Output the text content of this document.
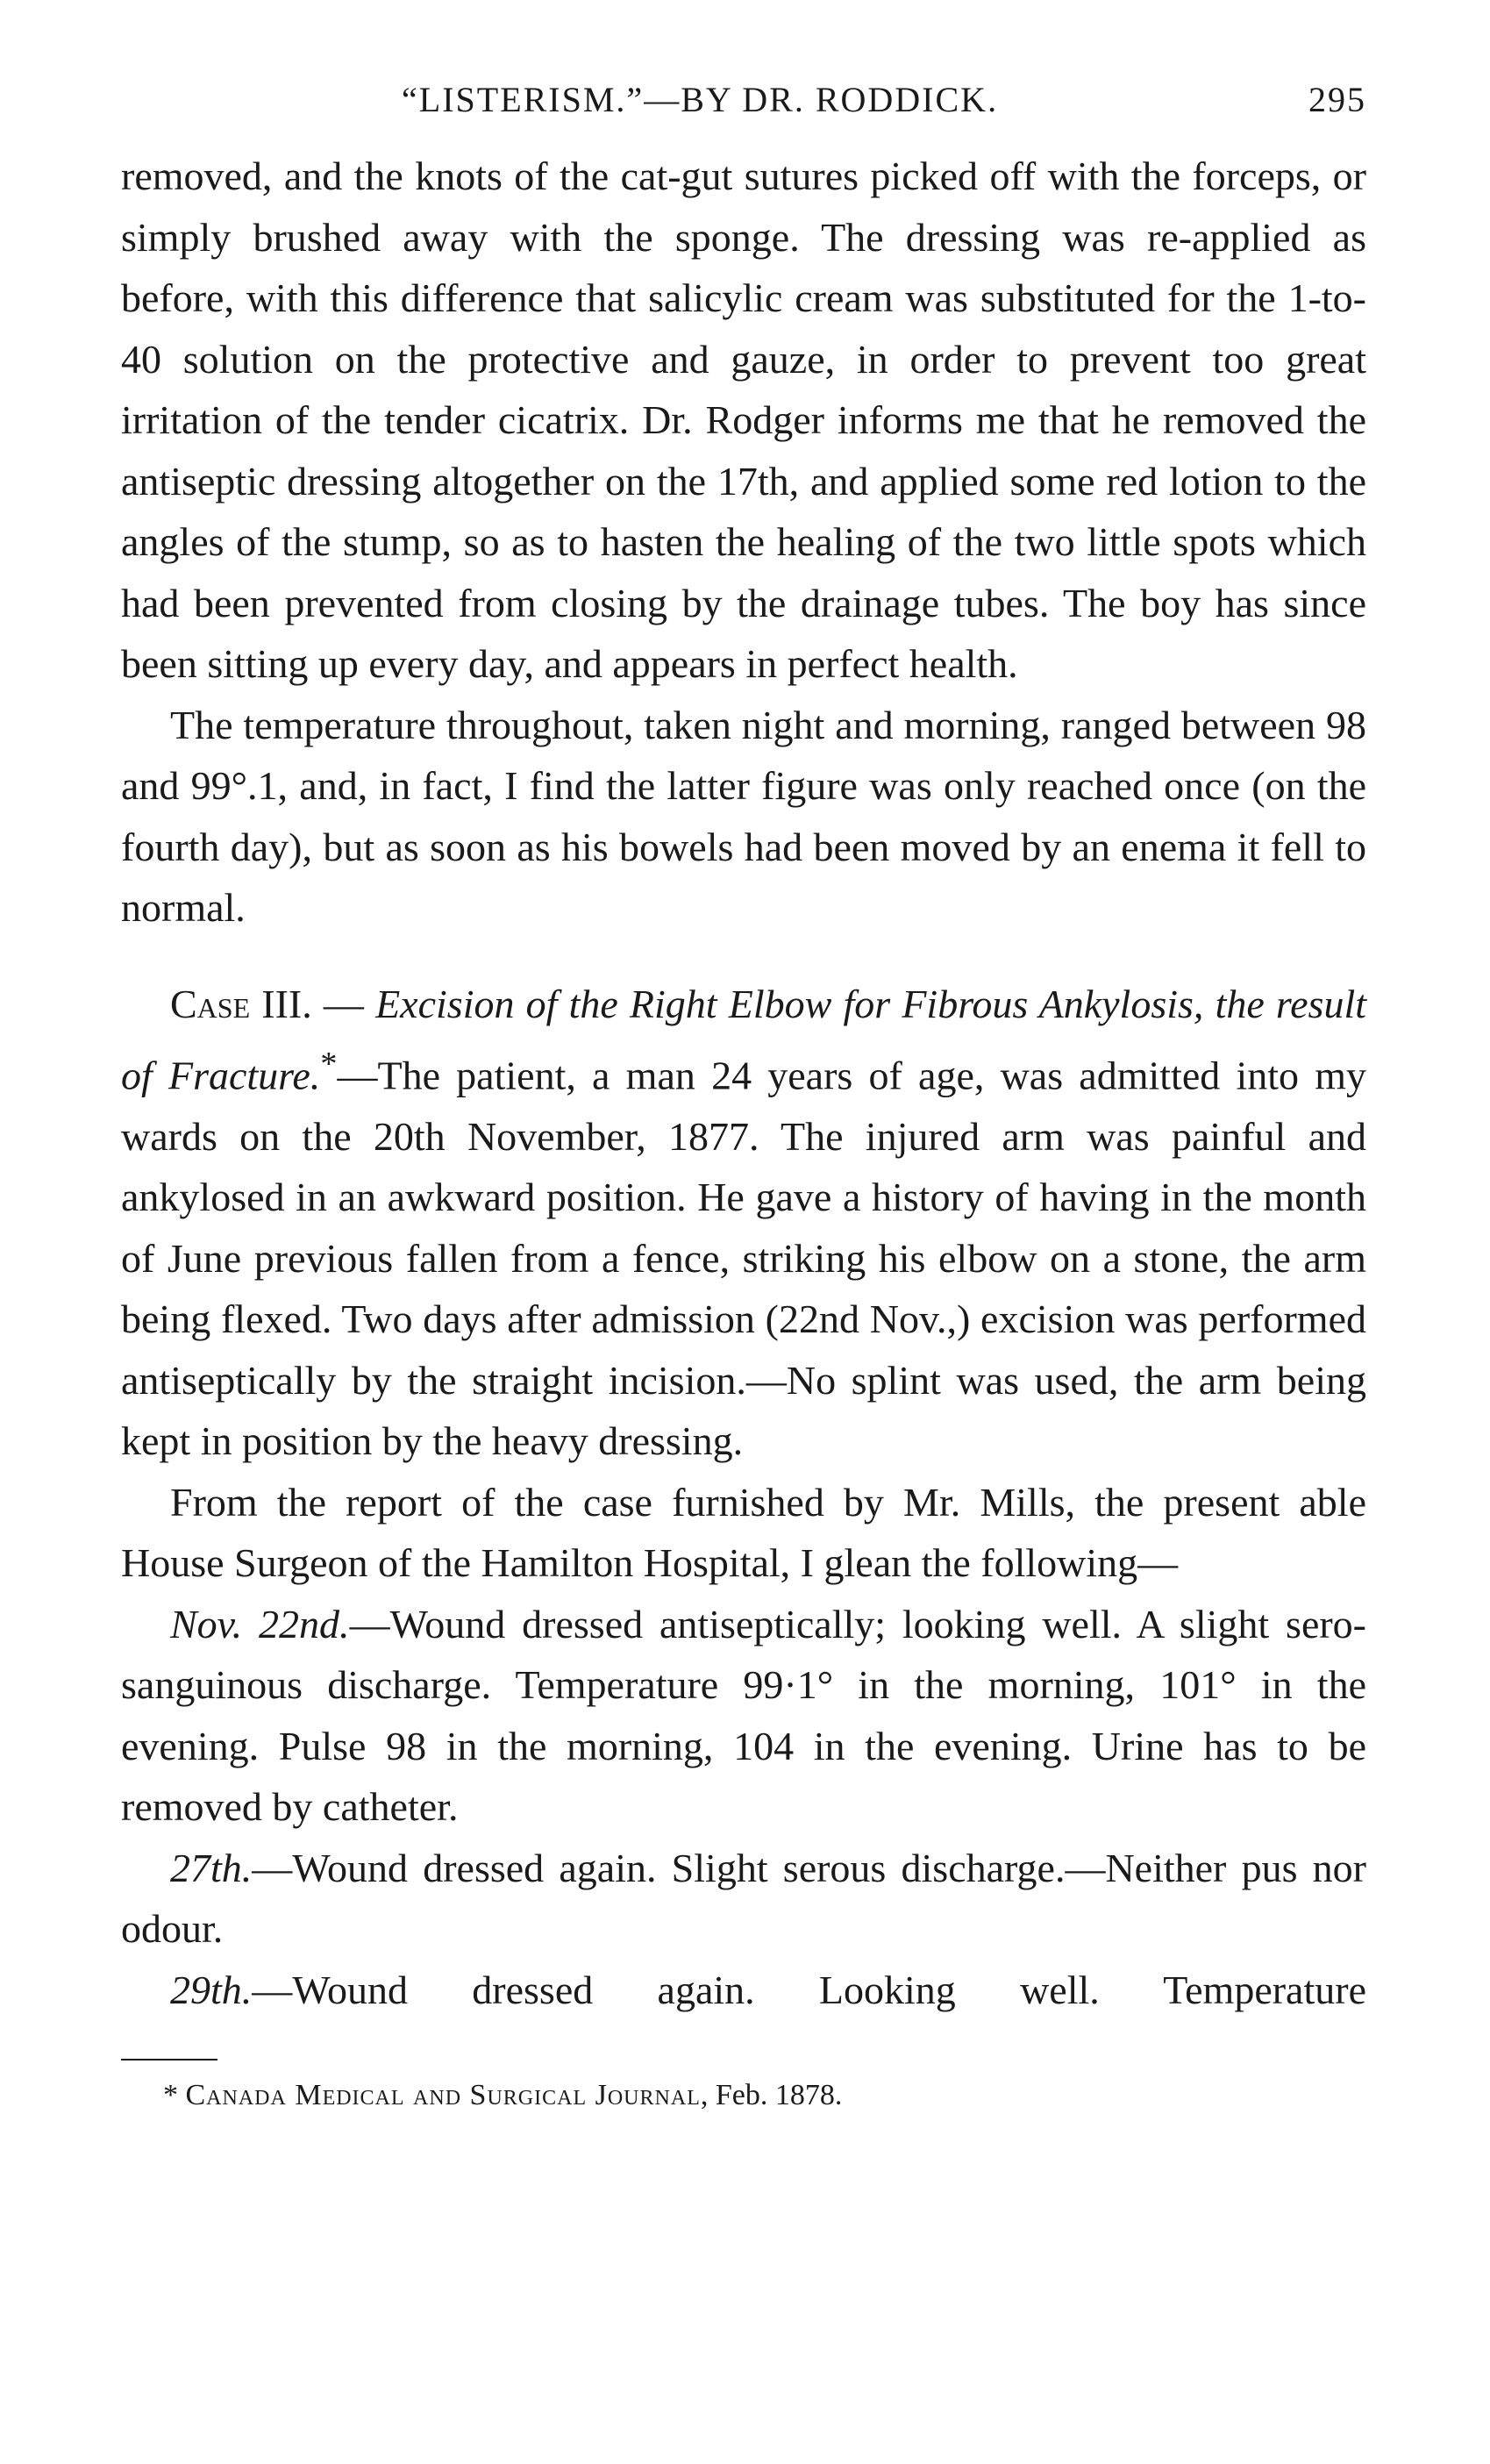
“LISTERISM.”—BY DR. RODDICK.	295

removed, and the knots of the cat-gut sutures picked off with the forceps, or simply brushed away with the sponge. The dressing was re-applied as before, with this difference that salicylic cream was substituted for the 1-to-40 solution on the protective and gauze, in order to prevent too great irritation of the tender cicatrix. Dr. Rodger informs me that he removed the antiseptic dressing altogether on the 17th, and applied some red lotion to the angles of the stump, so as to hasten the healing of the two little spots which had been prevented from closing by the drainage tubes. The boy has since been sitting up every day, and appears in perfect health.

The temperature throughout, taken night and morning, ranged between 98 and 99°.1, and, in fact, I find the latter figure was only reached once (on the fourth day), but as soon as his bowels had been moved by an enema it fell to normal.

Case III. — Excision of the Right Elbow for Fibrous Ankylosis, the result of Fracture.*—The patient, a man 24 years of age, was admitted into my wards on the 20th November, 1877. The injured arm was painful and ankylosed in an awkward position. He gave a history of having in the month of June previous fallen from a fence, striking his elbow on a stone, the arm being flexed. Two days after admission (22nd Nov.,) excision was performed antiseptically by the straight incision.—No splint was used, the arm being kept in position by the heavy dressing.

From the report of the case furnished by Mr. Mills, the present able House Surgeon of the Hamilton Hospital, I glean the following—

Nov. 22nd.—Wound dressed antiseptically; looking well. A slight sero-sanguinous discharge. Temperature 99·1° in the morning, 101° in the evening. Pulse 98 in the morning, 104 in the evening. Urine has to be removed by catheter.

27th.—Wound dressed again. Slight serous discharge.—Neither pus nor odour.

29th.—Wound dressed again. Looking well. Temperature

* Canada Medical and Surgical Journal, Feb. 1878.
